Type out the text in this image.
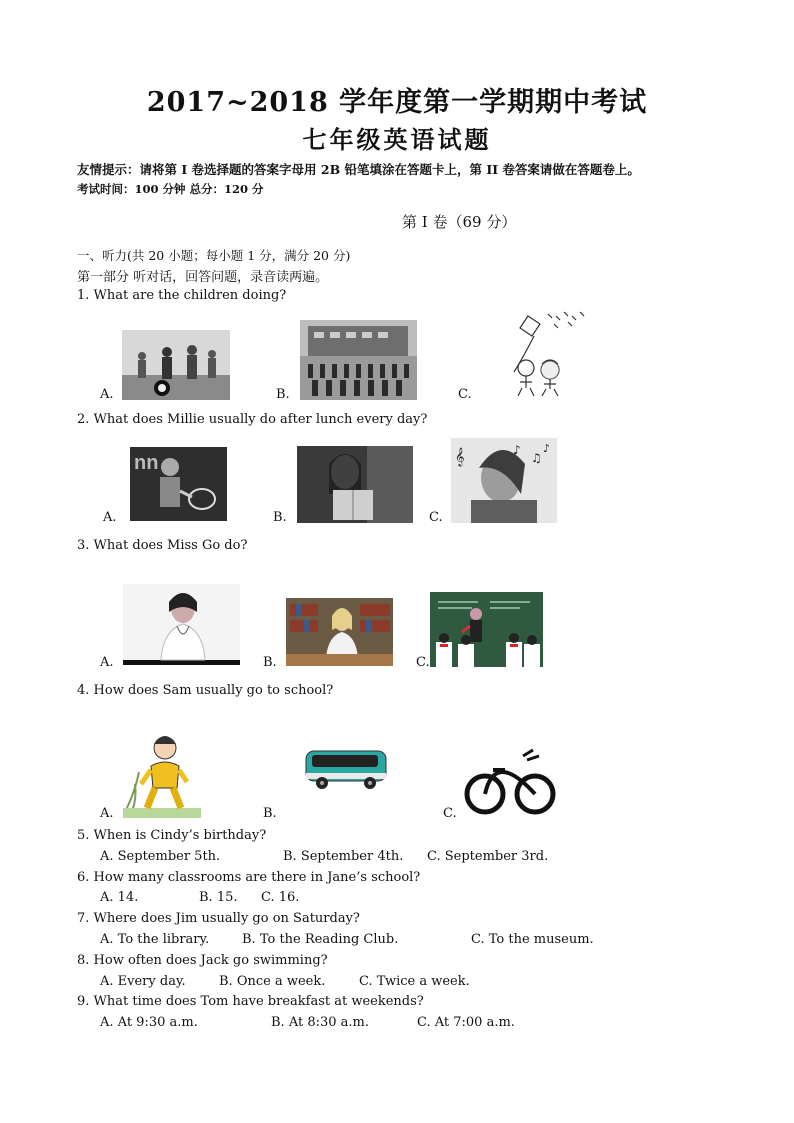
2017~2018 学年度第一学期期中考试
七年级英语试题
友情提示：请将第 I 卷选择题的答案字母用 2B 铅笔填涂在答题卡上，第 II 卷答案请做在答题卷上。
考试时间：100 分钟 总分：120 分
第 I 卷（69 分）
一、听力(共 20 小题；每小题 1 分，满分 20 分)
第一部分 听对话，回答问题，录音读两遍。
1. What are the children doing?
A.	B.	C.
2. What does Millie usually do after lunch every day?
A.	B.	C.
nn	𝄞	♪
♫
♪
3. What does Miss Go do?
A.	B.	C.
4. How does Sam usually go to school?
A.	B.	C.
5. When is Cindy’s birthday?
A. September 5th.	B. September 4th. C. September 3rd.
6. How many classrooms are there in Jane’s school?
A. 14.	B. 15. C. 16.
7. Where does Jim usually go on Saturday?
A. To the library.	B. To the Reading Club.	C. To the museum.
8. How often does Jack go swimming?
A. Every day.	B. Once a week.	C. Twice a week.
9. What time does Tom have breakfast at weekends?
A. At 9:30 a.m.	B. At 8:30 a.m.	C. At 7:00 a.m.
